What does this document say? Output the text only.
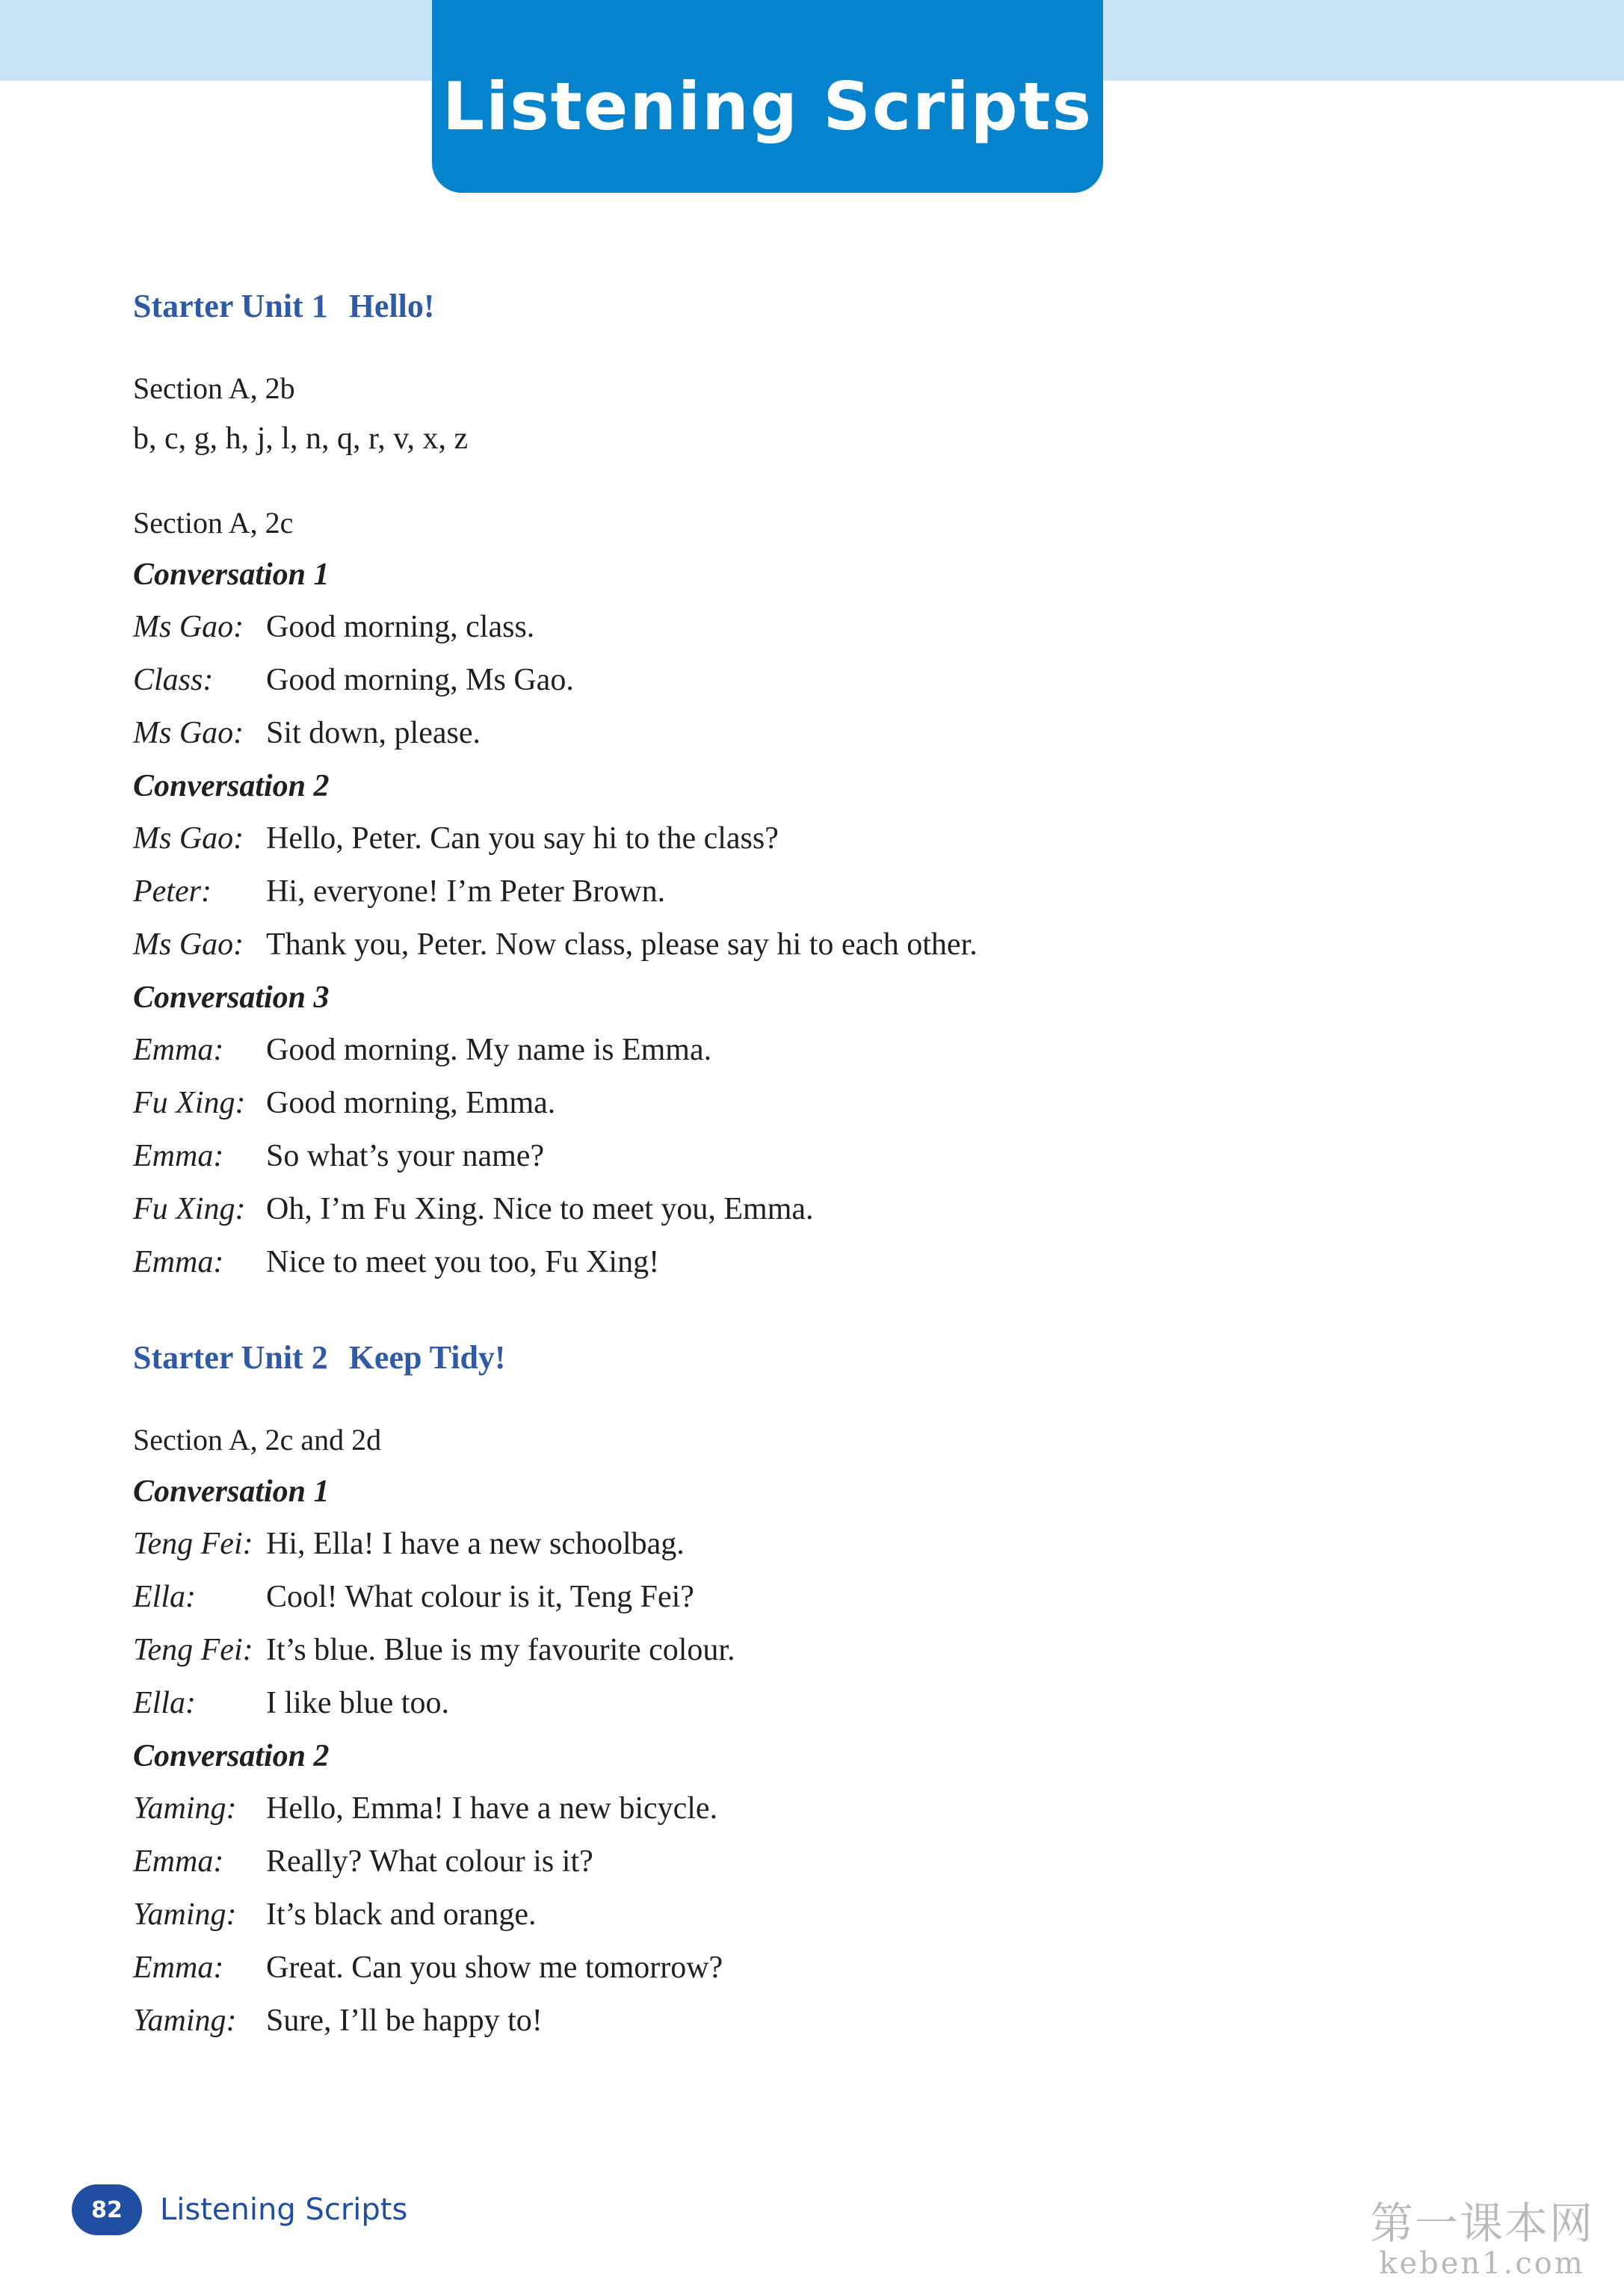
Listening Scripts
Starter Unit 1 Hello!
Section A, 2b
b, c, g, h, j, l, n, q, r, v, x, z
Section A, 2c
Conversation 1
Ms Gao: Good morning, class.
Class:	Good morning, Ms Gao.
Ms Gao: Sit down, please.
Conversation 2
Ms Gao: Hello, Peter. Can you say hi to the class?
Peter:	Hi, everyone! I’m Peter Brown.
Ms Gao: Thank you, Peter. Now class, please say hi to each other.
Conversation 3
Emma:	Good morning. My name is Emma.
Fu Xing: Good morning, Emma.
Emma:	So what’s your name?
Fu Xing: Oh, I’m Fu Xing. Nice to meet you, Emma.
Emma:	Nice to meet you too, Fu Xing!
Starter Unit 2 Keep Tidy!
Section A, 2c and 2d
Conversation 1
Teng Fei: Hi, Ella! I have a new schoolbag.
Ella:	Cool! What colour is it, Teng Fei?
Teng Fei: It’s blue. Blue is my favourite colour.
Ella:	I like blue too.
Conversation 2
Yaming: Hello, Emma! I have a new bicycle.
Emma:	Really? What colour is it?
Yaming: It’s black and orange.
Emma:	Great. Can you show me tomorrow?
Yaming: Sure, I’ll be happy to!
82	Listening Scripts	第一课本网
keben1.com
